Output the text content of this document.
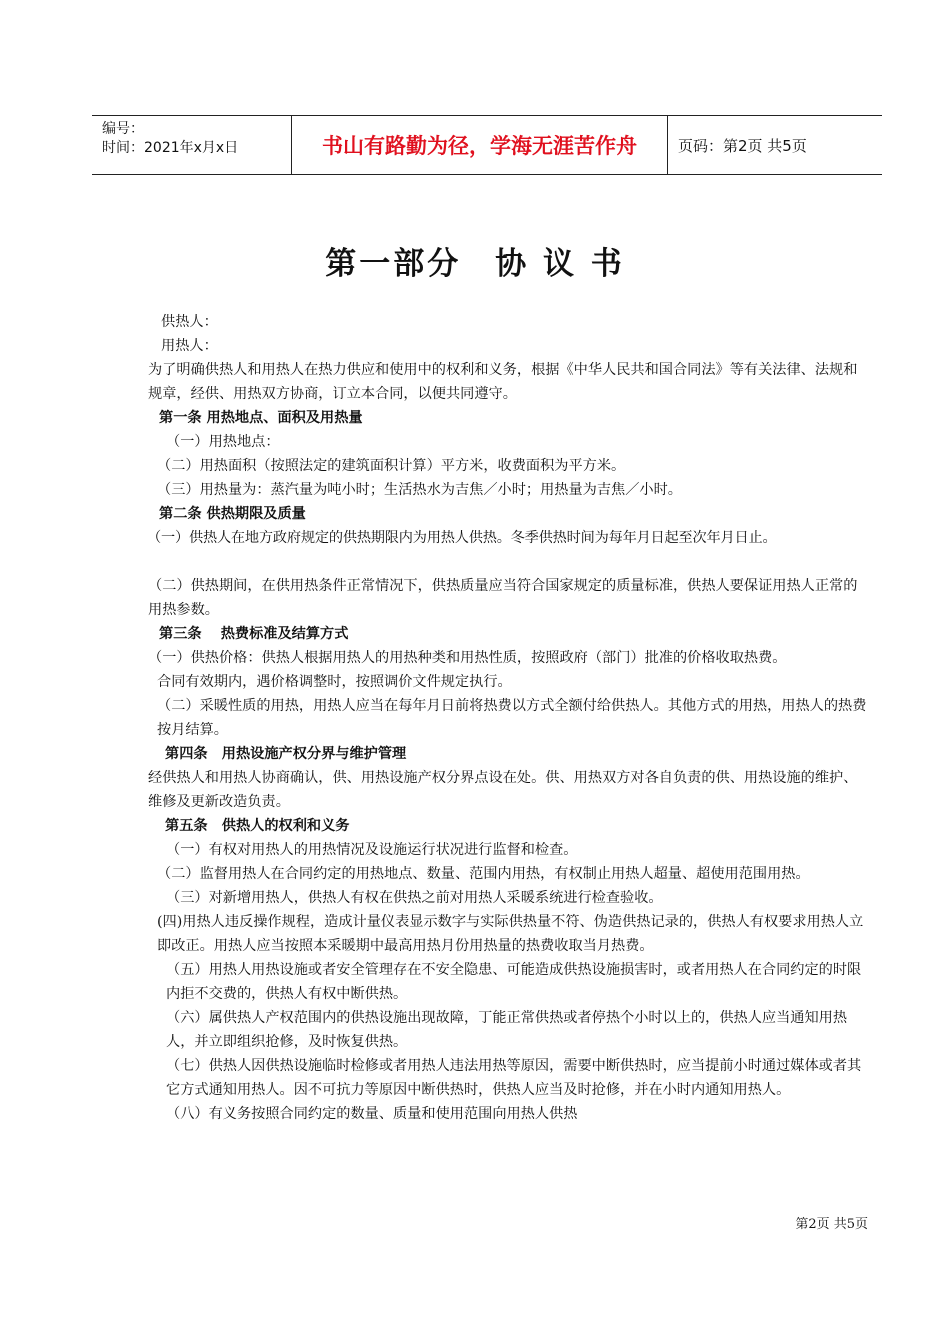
编号：
时间：2021年x月x日	书山有路勤为径，学海无涯苦作舟	页码：第2页 共5页
第一部分　协 议 书

供热人：

用热人：

为了明确供热人和用热人在热力供应和使用中的权利和义务，根据《中华人民共和国合同法》等有关法律、法规和规章，经供、用热双方协商，订立本合同，以便共同遵守。

第一条 用热地点、面积及用热量

（一）用热地点：

（二）用热面积（按照法定的建筑面积计算）平方米，收费面积为平方米。

（三）用热量为：蒸汽量为吨小时；生活热水为吉焦／小时；用热量为吉焦／小时。

第二条 供热期限及质量

（一）供热人在地方政府规定的供热期限内为用热人供热。冬季供热时间为每年月日起至次年月日止。

（二）供热期间，在供用热条件正常情况下，供热质量应当符合国家规定的质量标准，供热人要保证用热人正常的用热参数。

第三条　 热费标准及结算方式

（一）供热价格：供热人根据用热人的用热种类和用热性质，按照政府（部门）批准的价格收取热费。

合同有效期内，遇价格调整时，按照调价文件规定执行。

（二）采暖性质的用热，用热人应当在每年月日前将热费以方式全额付给供热人。其他方式的用热，用热人的热费按月结算。

第四条　用热设施产权分界与维护管理

经供热人和用热人协商确认，供、用热设施产权分界点设在处。供、用热双方对各自负责的供、用热设施的维护、维修及更新改造负责。

第五条　供热人的权利和义务

（一）有权对用热人的用热情况及设施运行状况进行监督和检查。

（二）监督用热人在合同约定的用热地点、数量、范围内用热，有权制止用热人超量、超使用范围用热。

（三）对新增用热人，供热人有权在供热之前对用热人采暖系统进行检查验收。

(四)用热人违反操作规程，造成计量仪表显示数字与实际供热量不符、伪造供热记录的，供热人有权要求用热人立即改正。用热人应当按照本采暖期中最高用热月份用热量的热费收取当月热费。

（五）用热人用热设施或者安全管理存在不安全隐患、可能造成供热设施损害时，或者用热人在合同约定的时限内拒不交费的，供热人有权中断供热。

（六）属供热人产权范围内的供热设施出现故障，丁能正常供热或者停热个小时以上的，供热人应当通知用热人，并立即组织抢修，及时恢复供热。

（七）供热人因供热设施临时检修或者用热人违法用热等原因，需要中断供热时，应当提前小时通过媒体或者其它方式通知用热人。因不可抗力等原因中断供热时，供热人应当及时抢修，并在小时内通知用热人。

（八）有义务按照合同约定的数量、质量和使用范围向用热人供热

第2页 共5页
